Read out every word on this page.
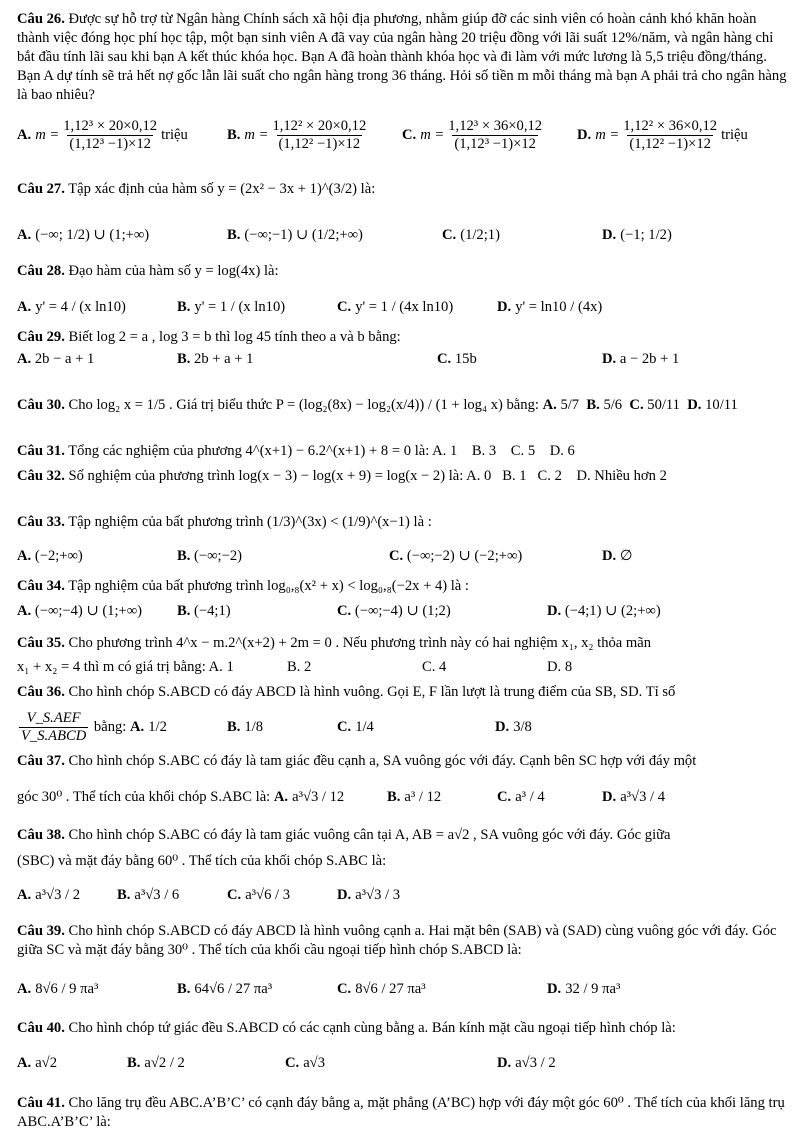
Câu 26. Được sự hỗ trợ từ Ngân hàng Chính sách xã hội địa phương, nhằm giúp đỡ các sinh viên có hoàn cảnh khó khăn hoàn thành việc đóng học phí học tập, một bạn sinh viên A đã vay của ngân hàng 20 triệu đồng với lãi suất 12%/năm, và ngân hàng chỉ bắt đầu tính lãi sau khi bạn A kết thúc khóa học. Bạn A đã hoàn thành khóa học và đi làm với mức lương là 5,5 triệu đồng/tháng. Bạn A dự tính sẽ trả hết nợ gốc lẫn lãi suất cho ngân hàng trong 36 tháng. Hỏi số tiền m mỗi tháng mà bạn A phải trả cho ngân hàng là bao nhiêu?
A. $m = \frac{\text{1,12³ × 20×0,12}}{\text{(1,12³ −1)×12}}$ triệu	B. $m = \frac{\text{1,12² × 20×0,12}}{\text{(1,12² −1)×12}} C$. $m = \frac{\text{1,12³ × 36×0,12}}{\text{(1,12³ −1)×12}} D$. $m = \frac{\text{1,12² × 36×0,12}}{\text{(1,12² −1)×12}}$ triệu
Câu 27. Tập xác định của hàm số y = (2x² − 3x + 1)^(3/2) là:
A. (−∞; 1/2) ∪ (1;+∞)	B. (−∞;−1) ∪ (1/2;+∞)	C. (1/2;1)	D. (−1; 1/2)
Câu 28. Đạo hàm của hàm số y = log(4x) là:
A. y' = 4 / (x ln10)	B. y' = 1 / (x ln10)	C. y' = 1 / (4x ln10)	D. y' = ln10 / (4x)
Câu 29. Biết log 2 = a , log 3 = b thì log 45 tính theo a và b bằng:
A. 2b − a + 1	B. 2b + a + 1	C. 15b	D. a − 2b + 1
Câu 30.
Cho log₂ x = 1/5 . Giá trị biểu thức P = (log₂(8x) − log₂(x/4)) / (1 + log₄ x) bằng:
A.
5/7
B.
5/6
C.
50/11
D.
10/11
Câu 31. Tổng các nghiệm của phương 4^(x+1) − 6.2^(x+1) + 8 = 0 là: A. 1 B. 3 C. 5 D. 6
Câu 32. Số nghiệm của phương trình log(x − 3) − log(x + 9) = log(x − 2) là: A. 0 B. 1 C. 2 D. Nhiều hơn 2
Câu 33. Tập nghiệm của bất phương trình (1/3)^(3x) < (1/9)^(x−1) là :
A. (−2;+∞)	B. (−∞;−2)	C. (−∞;−2) ∪ (−2;+∞)	D. ∅
Câu 34. Tập nghiệm của bất phương trình log₀,₈(x² + x) < log₀,₈(−2x + 4) là :
A. (−∞;−4) ∪ (1;+∞) B. (−4;1)	C. (−∞;−4) ∪ (1;2)	D. (−4;1) ∪ (2;+∞)
Câu 35. Cho phương trình 4^x − m.2^(x+2) + 2m = 0 . Nếu phương trình này có hai nghiệm x₁, x₂ thỏa mãn
x₁ + x₂ = 4 thì m có giá trị bằng: A. 1	B. 2	C. 4	D. 8
Câu 36. Cho hình chóp S.ABCD có đáy ABCD là hình vuông. Gọi E, F lần lượt là trung điểm của SB, SD. Tỉ số
$\frac{\text{V\_S.AEF}}{\text{V\_S.ABCD}}$
bằng:
A. 1/2	B. 1/8	C. 1/4	D. 3/8
Câu 37. Cho hình chóp S.ABC có đáy là tam giác đều cạnh a, SA vuông góc với đáy. Cạnh bên SC hợp với đáy một
góc 30⁰ . Thể tích của khối chóp S.ABC là:
A. a³√3 / 12	B. a³ / 12	C. a³ / 4	D. a³√3 / 4
Câu 38. Cho hình chóp S.ABC có đáy là tam giác vuông cân tại A, AB = a√2 , SA vuông góc với đáy. Góc giữa
(SBC) và mặt đáy bằng 60⁰ . Thể tích của khối chóp S.ABC là:
A. a³√3 / 2	B. a³√3 / 6	C. a³√6 / 3	D. a³√3 / 3
Câu 39. Cho hình chóp S.ABCD có đáy ABCD là hình vuông cạnh a. Hai mặt bên (SAB) và (SAD) cùng vuông góc với đáy. Góc giữa SC và mặt đáy bằng 30⁰ . Thể tích của khối cầu ngoại tiếp hình chóp S.ABCD là:
A. 8√6 / 9 πa³	B. 64√6 / 27 πa³	C. 8√6 / 27 πa³	D. 32 / 9 πa³
Câu 40. Cho hình chóp tứ giác đều S.ABCD có các cạnh cùng bằng a. Bán kính mặt cầu ngoại tiếp hình chóp là:
A. a√2	B. a√2 / 2	C. a√3	D. a√3 / 2
Câu 41. Cho lăng trụ đều ABC.A’B’C’ có cạnh đáy bằng a, mặt phẳng (A’BC) hợp với đáy một góc 60⁰ . Thể tích của khối lăng trụ ABC.A’B’C’ là:
